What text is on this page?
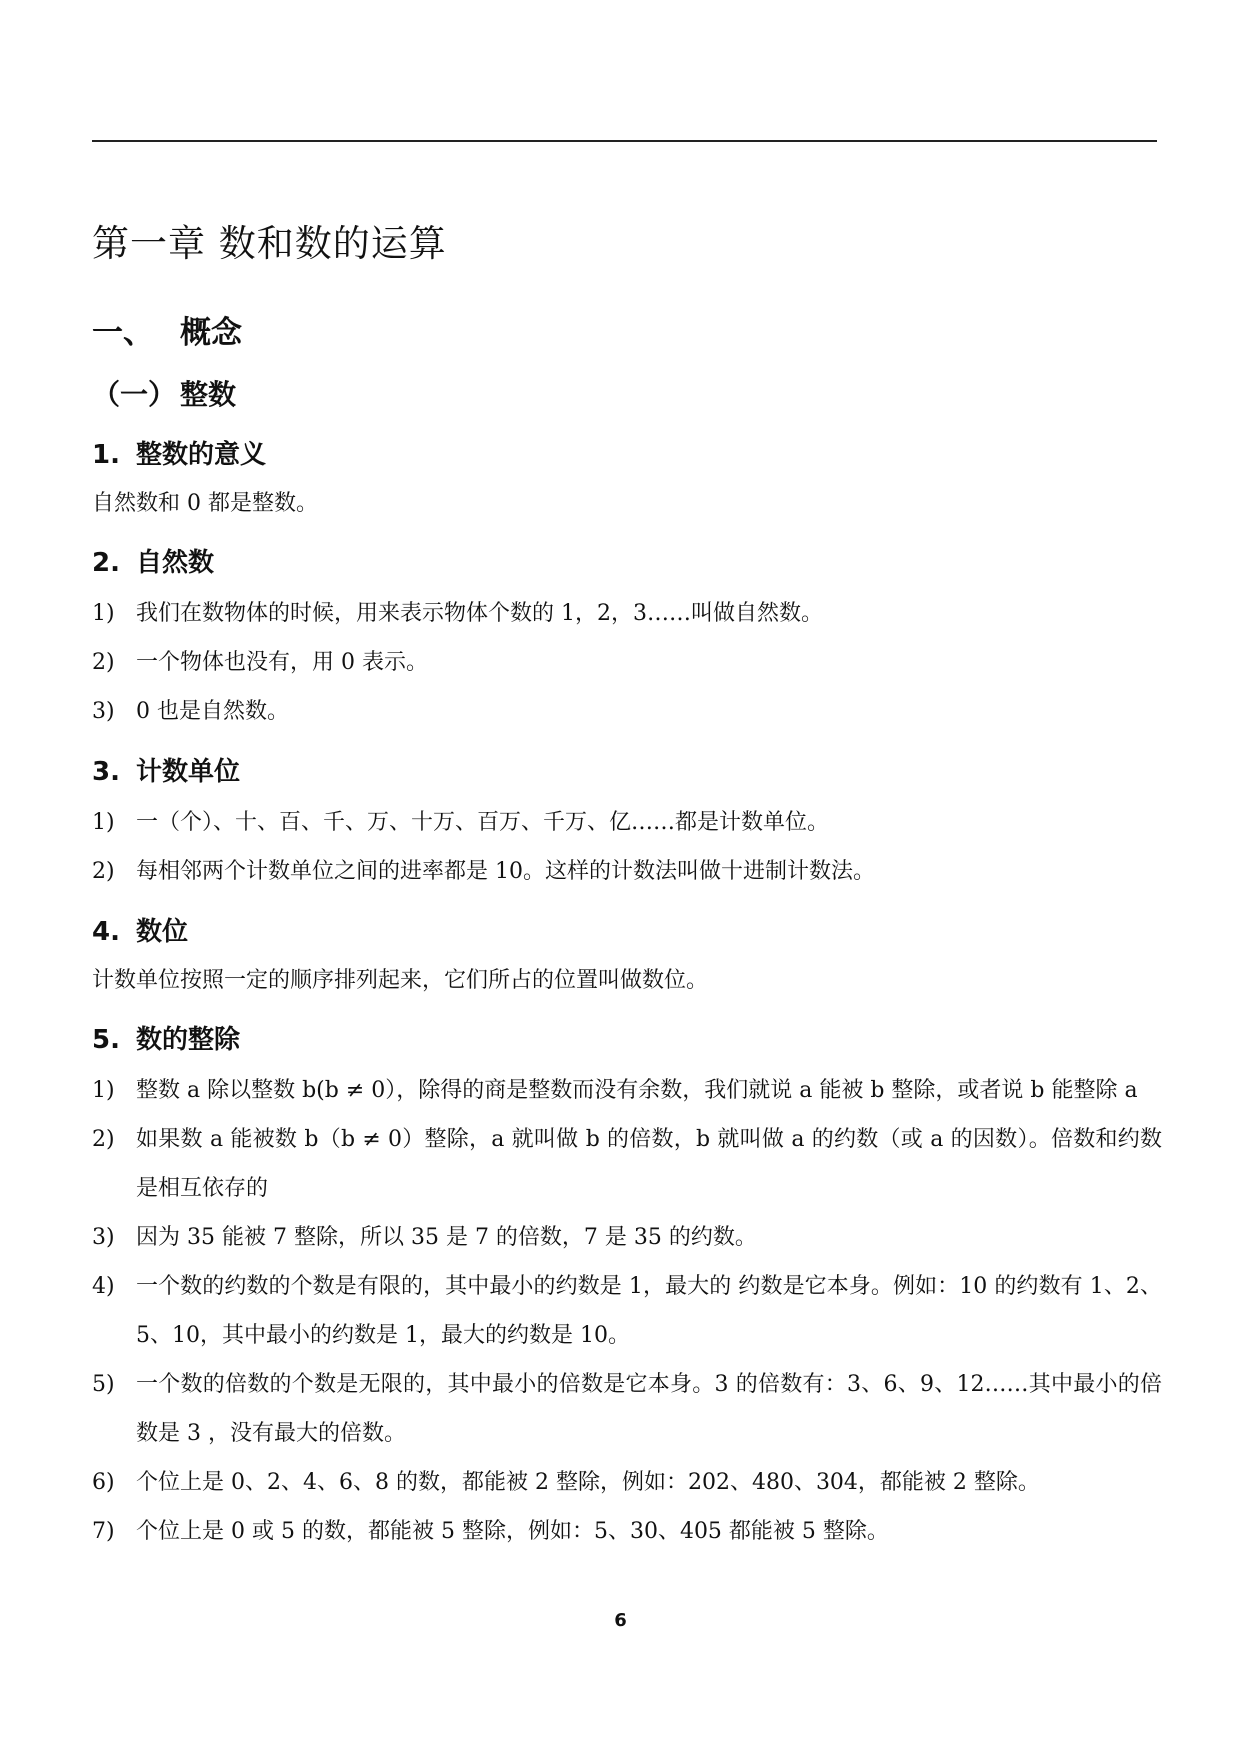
第一章 数和数的运算
一、 概念
（一） 整数
1. 整数的意义

自然数和 0 都是整数。

2. 自然数
1) 我们在数物体的时候，用来表示物体个数的 1，2，3……叫做自然数。
2) 一个物体也没有，用 0 表示。
3) 0 也是自然数。
3. 计数单位
1) 一（个）、十、百、千、万、十万、百万、千万、亿……都是计数单位。
2) 每相邻两个计数单位之间的进率都是 10。这样的计数法叫做十进制计数法。
4. 数位

计数单位按照一定的顺序排列起来，它们所占的位置叫做数位。

5. 数的整除
1) 整数 a 除以整数 b(b ≠ 0），除得的商是整数而没有余数，我们就说 a 能被 b 整除，或者说 b 能整除 a
2) 如果数 a 能被数 b（b ≠ 0）整除，a 就叫做 b 的倍数，b 就叫做 a 的约数（或 a 的因数）。倍数和约数是相互依存的
3) 因为 35 能被 7 整除，所以 35 是 7 的倍数，7 是 35 的约数。
4) 一个数的约数的个数是有限的，其中最小的约数是 1，最大的 约数是它本身。例如：10 的约数有 1、2、5、10，其中最小的约数是 1，最大的约数是 10。
5) 一个数的倍数的个数是无限的，其中最小的倍数是它本身。3 的倍数有：3、6、9、12……其中最小的倍数是 3 ，没有最大的倍数。
6) 个位上是 0、2、4、6、8 的数，都能被 2 整除，例如：202、480、304，都能被 2 整除。
7) 个位上是 0 或 5 的数，都能被 5 整除，例如：5、30、405 都能被 5 整除。
6
